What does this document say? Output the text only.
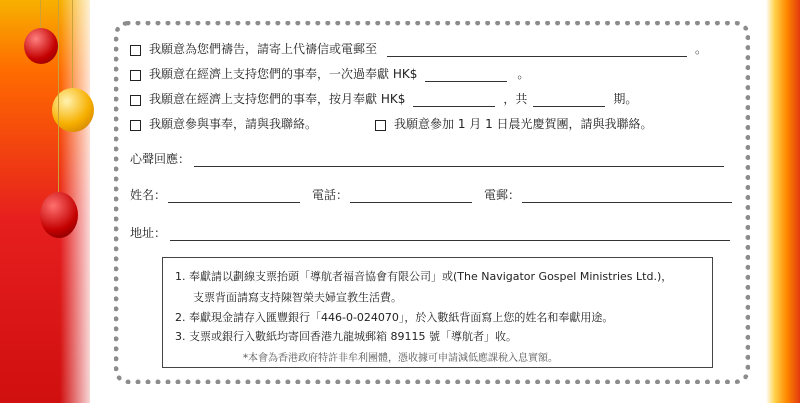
我願意為您們禱告，請寄上代禱信或電郵至	。
我願意在經濟上支持您們的事奉，一次過奉獻 HK$	。
我願意在經濟上支持您們的事奉，按月奉獻 HK$	，共	期。
我願意參與事奉，請與我聯絡。	我願意參加 1 月 1 日晨光慶賀團，請與我聯絡。
心聲回應：
姓名：	電話：	電郵：
地址：

1. 奉獻請以劃線支票抬頭「導航者福音協會有限公司」或(The Navigator Gospel Ministries Ltd.)，

支票背面請寫支持陳智榮夫婦宣教生活費。

2. 奉獻現金請存入匯豐銀行「446-0-024070」，於入數紙背面寫上您的姓名和奉獻用途。

3. 支票或銀行入數紙均寄回香港九龍城郵箱 89115 號「導航者」收。

*本會為香港政府特許非牟利團體，憑收據可申請減低應課稅入息實額。
